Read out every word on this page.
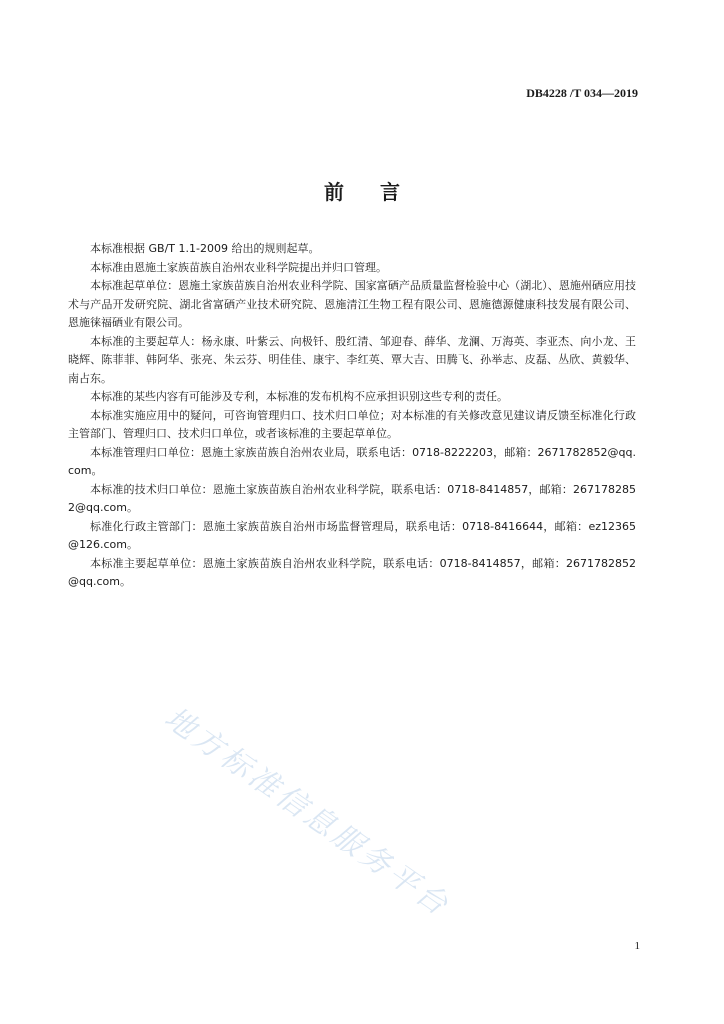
DB4228 /T 034—2019
前言

本标准根据 GB/T 1.1-2009 给出的规则起草。

本标准由恩施土家族苗族自治州农业科学院提出并归口管理。

本标准起草单位：恩施土家族苗族自治州农业科学院、国家富硒产品质量监督检验中心（湖北）、恩施州硒应用技术与产品开发研究院、湖北省富硒产业技术研究院、恩施清江生物工程有限公司、恩施德源健康科技发展有限公司、恩施徕福硒业有限公司。

本标准的主要起草人：杨永康、叶紫云、向极钎、殷红清、邹迎春、薛华、龙澜、万海英、李亚杰、向小龙、王晓辉、陈菲菲、韩阿华、张亮、朱云芬、明佳佳、康宇、李红英、覃大吉、田腾飞、孙举志、皮磊、丛欣、黄毅华、南占东。

本标准的某些内容有可能涉及专利，本标准的发布机构不应承担识别这些专利的责任。

本标准实施应用中的疑问，可咨询管理归口、技术归口单位；对本标准的有关修改意见建议请反馈至标准化行政主管部门、管理归口、技术归口单位，或者该标准的主要起草单位。

本标准管理归口单位：恩施土家族苗族自治州农业局，联系电话：0718-8222203，邮箱：2671782852@qq.com。

本标准的技术归口单位：恩施土家族苗族自治州农业科学院，联系电话：0718-8414857，邮箱：2671782852@qq.com。

标准化行政主管部门：恩施土家族苗族自治州市场监督管理局，联系电话：0718-8416644，邮箱：ez12365@126.com。

本标准主要起草单位：恩施土家族苗族自治州农业科学院，联系电话：0718-8414857，邮箱：2671782852@qq.com。

地方标准信息服务平台
1
